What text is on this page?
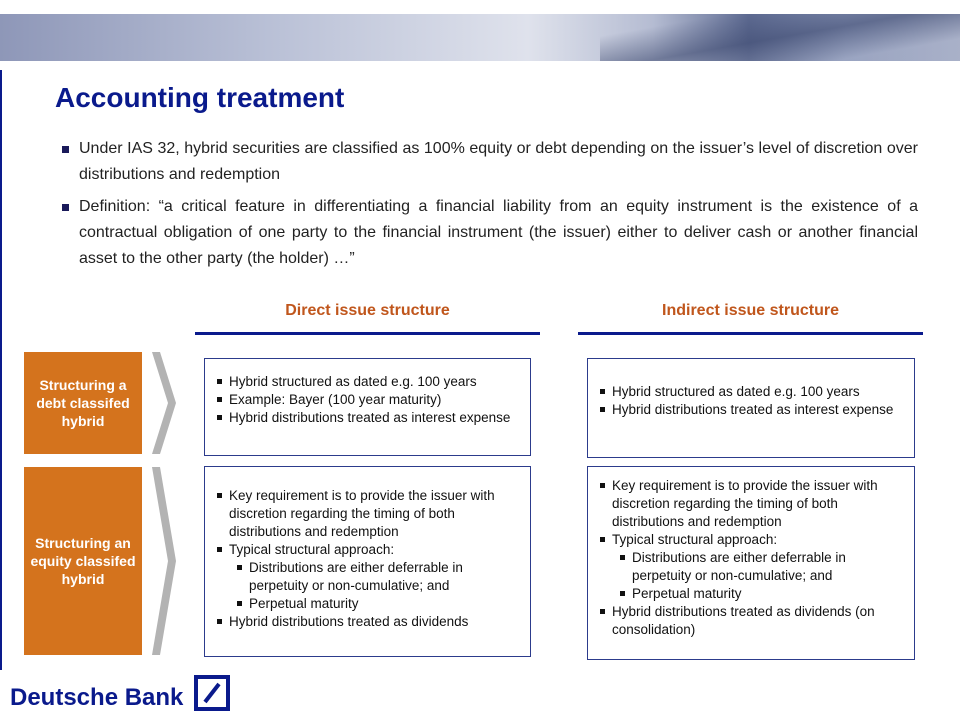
Accounting treatment
Under IAS 32, hybrid securities are classified as 100% equity or debt depending on the issuer’s level of discretion over distributions and redemption
Definition: “a critical feature in differentiating a financial liability from an equity instrument is the existence of a contractual obligation of one party to the financial instrument (the issuer) either to deliver cash or another financial asset to the other party (the holder) …”
Direct issue structure	Indirect issue structure
Structuring a debt classifed hybrid
Hybrid structured as dated e.g. 100 years
Example: Bayer (100 year maturity)
Hybrid distributions treated as interest expense
Hybrid structured as dated e.g. 100 years
Hybrid distributions treated as interest expense
Structuring an equity classifed hybrid
Key requirement is to provide the issuer with discretion regarding the timing of both distributions and redemption
Typical structural approach:
Distributions are either deferrable in perpetuity or non-cumulative; and
Perpetual maturity
Hybrid distributions treated as dividends
Key requirement is to provide the issuer with discretion regarding the timing of both distributions and redemption
Typical structural approach:
Distributions are either deferrable in perpetuity or non-cumulative; and
Perpetual maturity
Hybrid distributions treated as dividends (on consolidation)
Deutsche Bank
